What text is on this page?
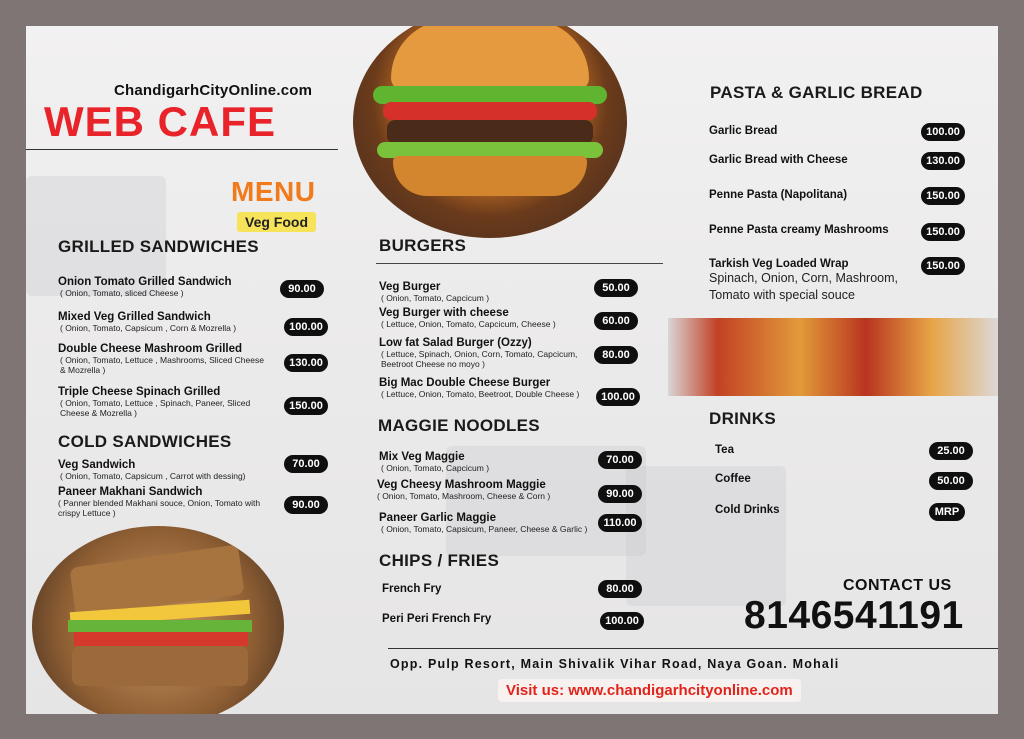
ChandigarhCityOnline.com
WEB CAFE
MENU
Veg Food
GRILLED SANDWICHES
Onion Tomato Grilled Sandwich
( Onion, Tomato, sliced Cheese )	90.00
Mixed Veg Grilled Sandwich
( Onion, Tomato, Capsicum , Corn & Mozrella )	100.00
Double Cheese Mashroom Grilled
( Onion, Tomato, Lettuce , Mashrooms, Sliced Cheese & Mozrella )
130.00
Triple Cheese Spinach Grilled
( Onion, Tomato, Lettuce , Spinach, Paneer, Sliced Cheese & Mozrella )
150.00
COLD SANDWICHES
Veg Sandwich
( Onion, Tomato, Capsicum , Carrot with dessing)
70.00
Paneer Makhani Sandwich
( Panner blended Makhani souce, Onion, Tomato with crispy Lettuce )
90.00
BURGERS
Veg Burger
( Onion, Tomato, Capcicum )
50.00
Veg Burger with cheese
( Lettuce, Onion, Tomato, Capcicum, Cheese )	60.00
Low fat Salad Burger (Ozzy)
( Lettuce, Spinach, Onion, Corn, Tomato, Capcicum, Beetroot Cheese no moyo )
80.00
Big Mac Double Cheese Burger
( Lettuce, Onion, Tomato, Beetroot, Double Cheese )	100.00
MAGGIE NOODLES
Mix Veg Maggie
( Onion, Tomato, Capcicum )
70.00
Veg Cheesy Mashroom Maggie
( Onion, Tomato, Mashroom, Cheese & Corn )	90.00
Paneer Garlic Maggie
( Onion, Tomato, Capsicum, Paneer, Cheese & Garlic )	110.00
CHIPS / FRIES
French Fry	80.00
Peri Peri French Fry	100.00
PASTA & GARLIC BREAD
Garlic Bread	100.00
Garlic Bread with Cheese	130.00
Penne Pasta (Napolitana)	150.00
Penne Pasta creamy Mashrooms	150.00
Tarkish Veg Loaded Wrap
Spinach, Onion, Corn, Mashroom, Tomato with special souce
150.00
DRINKS
Tea	25.00
Coffee	50.00
Cold Drinks	MRP
CONTACT US
8146541191
Opp. Pulp Resort, Main Shivalik Vihar Road, Naya Goan. Mohali
Visit us: www.chandigarhcityonline.com
